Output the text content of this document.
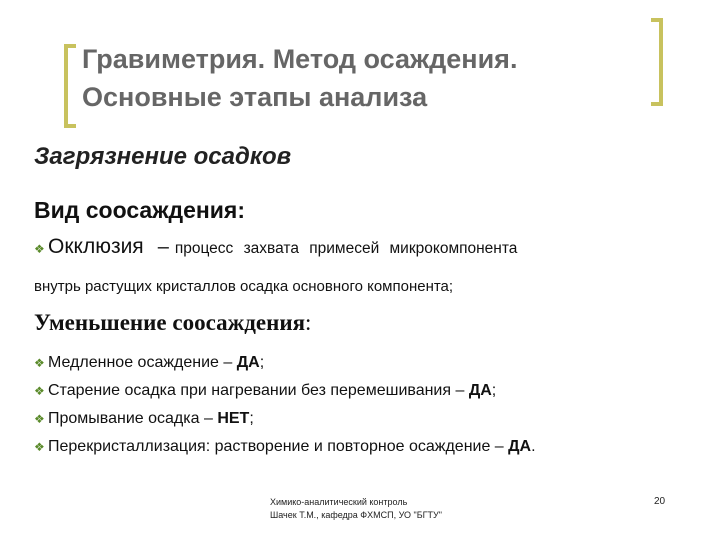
Гравиметрия. Метод осаждения. Основные этапы анализа
Загрязнение осадков
Вид соосаждения:
❖ Окклюзия – процесс захвата примесей микрокомпонента
внутрь растущих кристаллов осадка основного компонента;
Уменьшение соосаждения:
❖ Медленное осаждение – ДА;
❖ Старение осадка при нагревании без перемешивания – ДА;
❖ Промывание осадка – НЕТ;
❖ Перекристаллизация: растворение и повторное осаждение – ДА.
Химико-аналитический контроль
Шачек Т.М., кафедра ФХМСП, УО "БГТУ"
20
